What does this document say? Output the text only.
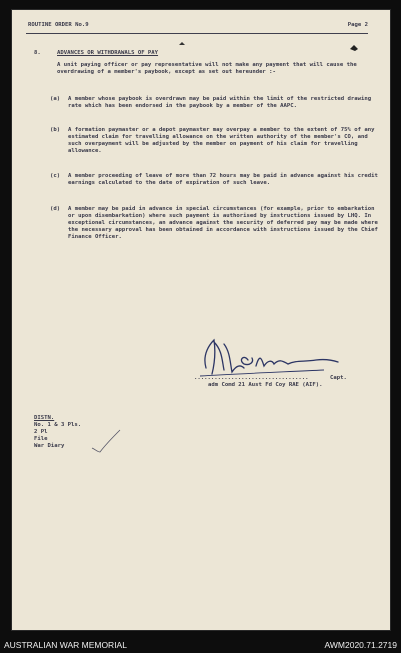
ROUTINE ORDER No.9	Page 2
8.	ADVANCES OR WITHDRAWALS OF PAY
A unit paying officer or pay representative will not make any payment that will cause the overdrawing of a member's paybook, except as set out hereunder :-
(a)	A member whose paybook is overdrawn may be paid within the limit of the restricted drawing rate which has been endorsed in the paybook by a member of the AAPC.
(b)	A formation paymaster or a depot paymaster may overpay a member to the extent of 75% of any estimated claim for travelling allowance on the written authority of the member's CO, and such overpayment will be adjusted by the member on payment of his claim for travelling allowance.
(c)	A member proceeding of leave of more than 72 hours may be paid in advance against his credit earnings calculated to the date of expiration of such leave.
(d)	A member may be paid in advance in special circumstances (for example, prior to embarkation or upon disembarkation) where such payment is authorised by instructions issued by LHQ. In exceptional circumstances, an advance against the security of deferred pay may be made where the necessary approval has been obtained in accordance with instructions issued by the Chief Finance Officer.
..................................	Capt.
adm Comd 21 Aust Fd Coy RAE (AIF).
DISTN.
No. 1 & 3 Pls.
2 Pl
File
War Diary
AUSTRALIAN WAR MEMORIAL	AWM2020.71.2719
